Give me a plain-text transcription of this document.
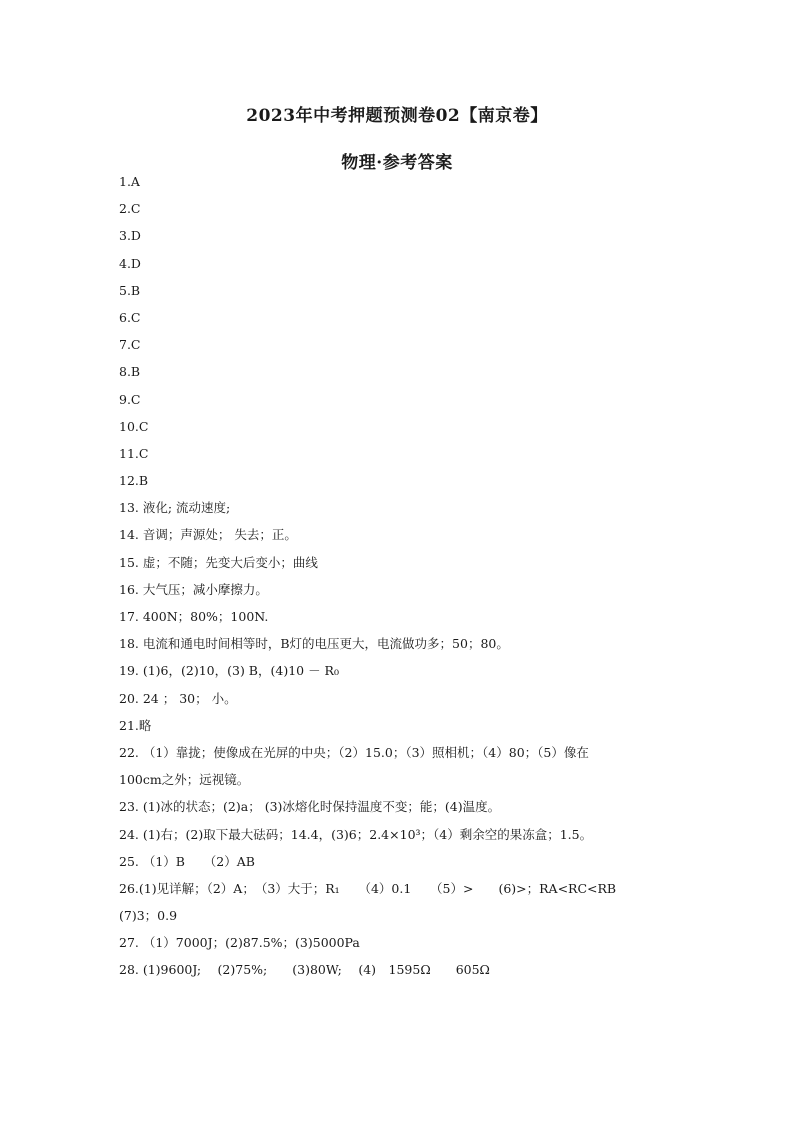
2023年中考押题预测卷02【南京卷】
物理·参考答案
1.A
2.C
3.D
4.D
5.B
6.C
7.C
8.B
9.C
10.C
11.C
12.B
13. 液化; 流动速度;
14. 音调；声源处； 失去；正。
15. 虚；不随；先变大后变小；曲线
16. 大气压；减小摩擦力。
17. 400N；80%；100N.
18. 电流和通电时间相等时，B灯的电压更大，电流做功多；50；80。
19. (1)6，(2)10，(3) B，(4)10 － R₀
20. 24 ； 30； 小。
21.略
22. （1）靠拢；使像成在光屏的中央；（2）15.0；（3）照相机；（4）80；（5）像在
100cm之外；远视镜。
23. (1)冰的状态；(2)a； (3)冰熔化时保持温度不变；能；(4)温度。
24. (1)右；(2)取下最大砝码；14.4，(3)6；2.4×10³；（4）剩余空的果冻盒；1.5。
25. （1）B　　（2）AB
26.(1)见详解；（2）A；　（3）大于；R₁　　（4）0.1　　（5）>　　(6)>；RA<RC<RB
(7)3；0.9
27. （1）7000J；(2)87.5%；(3)5000Pa
28. (1)9600J;　 (2)75%;　　(3)80W;　 (4)　1595Ω　　605Ω
